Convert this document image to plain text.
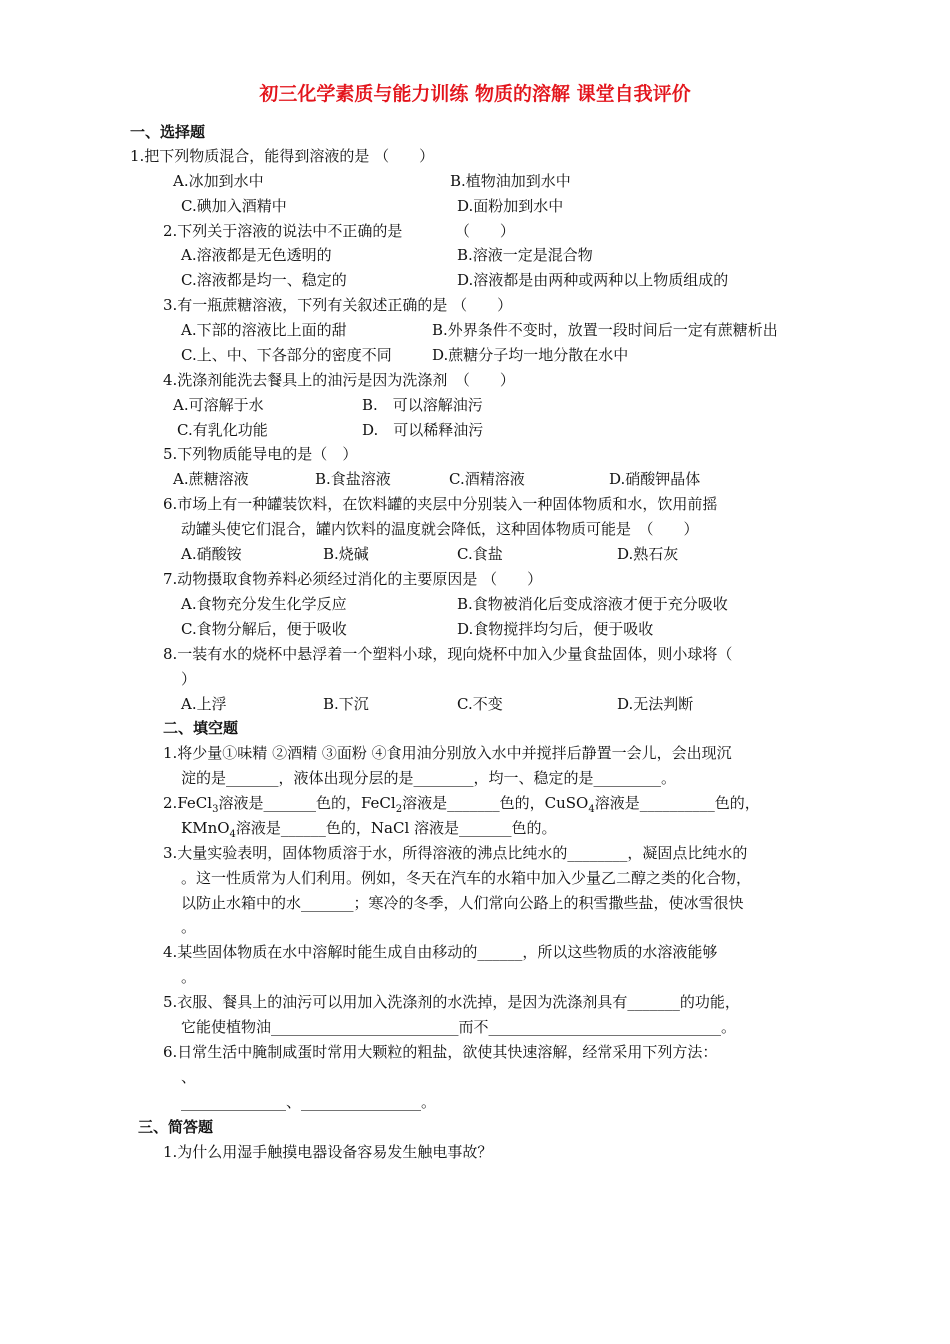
初三化学素质与能力训练 物质的溶解 课堂自我评价
一、选择题
1.把下列物质混合，能得到溶液的是 （　　）
A.冰加到水中	B.植物油加到水中
C.碘加入酒精中	D.面粉加到水中
2.下列关于溶液的说法中不正确的是　　　　（　　）
A.溶液都是无色透明的	B.溶液一定是混合物
C.溶液都是均一、稳定的	D.溶液都是由两种或两种以上物质组成的
3.有一瓶蔗糖溶液，下列有关叙述正确的是 （　　）
A.下部的溶液比上面的甜	B.外界条件不变时，放置一段时间后一定有蔗糖析出
C.上、中、下各部分的密度不同	D.蔗糖分子均一地分散在水中
4.洗涤剂能洗去餐具上的油污是因为洗涤剂　（　　）
A.可溶解于水	B.　可以溶解油污
C.有乳化功能	D.　可以稀释油污
5.下列物质能导电的是（　）
A.蔗糖溶液	B.食盐溶液	C.酒精溶液	D.硝酸钾晶体
6.市场上有一种罐装饮料，在饮料罐的夹层中分别装入一种固体物质和水，饮用前摇
动罐头使它们混合，罐内饮料的温度就会降低，这种固体物质可能是　（　　）
A.硝酸铵	B.烧碱	C.食盐	D.熟石灰
7.动物摄取食物养料必须经过消化的主要原因是 （　　）
A.食物充分发生化学反应	B.食物被消化后变成溶液才便于充分吸收
C.食物分解后，便于吸收	D.食物搅拌均匀后，便于吸收
8.一装有水的烧杯中悬浮着一个塑料小球，现向烧杯中加入少量食盐固体，则小球将（
）
A.上浮	B.下沉	C.不变	D.无法判断
二、填空题
1.将少量①味精 ②酒精 ③面粉 ④食用油分别放入水中并搅拌后静置一会儿，会出现沉
淀的是_______，液体出现分层的是________，均一、稳定的是_________。
2.FeCl$_3$溶液是_______色的，FeCl$_2$溶液是_______色的，CuSO$_4$溶液是__________色的，
KMnO$_4$溶液是______色的，NaCl 溶液是_______色的。
3.大量实验表明，固体物质溶于水，所得溶液的沸点比纯水的________，凝固点比纯水的
。这一性质常为人们利用。例如，冬天在汽车的水箱中加入少量乙二醇之类的化合物，
以防止水箱中的水_______；寒冷的冬季，人们常向公路上的积雪撒些盐，使冰雪很快
。
4.某些固体物质在水中溶解时能生成自由移动的______，所以这些物质的水溶液能够
。
5.衣服、餐具上的油污可以用加入洗涤剂的水洗掉，是因为洗涤剂具有_______的功能，
它能使植物油_________________________而不_______________________________。
6.日常生活中腌制咸蛋时常用大颗粒的粗盐，欲使其快速溶解，经常采用下列方法：
、
______________、________________。
三、简答题
1.为什么用湿手触摸电器设备容易发生触电事故？
